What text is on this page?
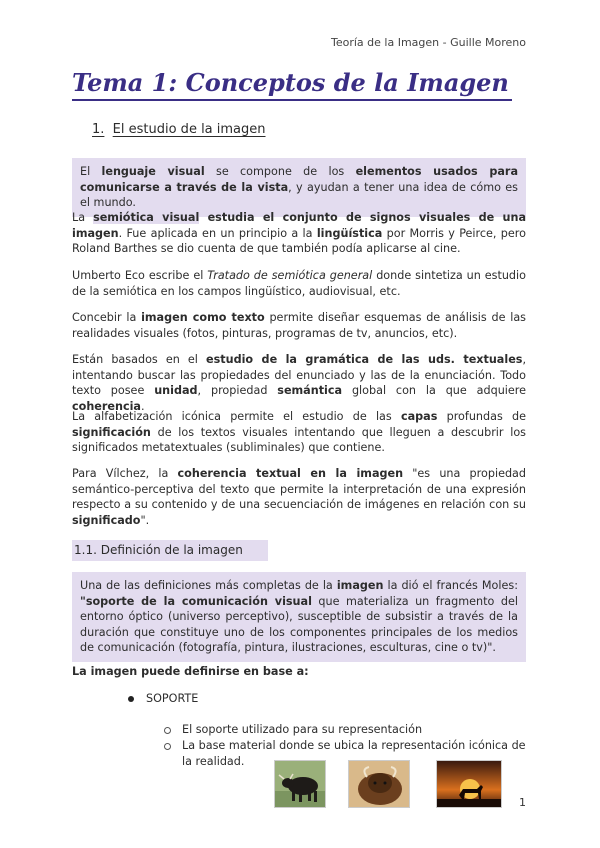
Teoría de la Imagen - Guille Moreno
Tema 1: Conceptos de la Imagen
1. El estudio de la imagen
El lenguaje visual se compone de los elementos usados para comunicarse a través de la vista, y ayudan a tener una idea de cómo es el mundo.

La semiótica visual estudia el conjunto de signos visuales de una imagen. Fue aplicada en un principio a la lingüística por Morris y Peirce, pero Roland Barthes se dio cuenta de que también podía aplicarse al cine.

Umberto Eco escribe el Tratado de semiótica general donde sintetiza un estudio de la semiótica en los campos lingüístico, audiovisual, etc.

Concebir la imagen como texto permite diseñar esquemas de análisis de las realidades visuales (fotos, pinturas, programas de tv, anuncios, etc).

Están basados en el estudio de la gramática de las uds. textuales, intentando buscar las propiedades del enunciado y las de la enunciación. Todo texto posee unidad, propiedad semántica global con la que adquiere coherencia.

La alfabetización icónica permite el estudio de las capas profundas de significación de los textos visuales intentando que lleguen a descubrir los significados metatextuales (subliminales) que contiene.

Para Vílchez, la coherencia textual en la imagen "es una propiedad semántico-perceptiva del texto que permite la interpretación de una expresión respecto a su contenido y de una secuenciación de imágenes en relación con su significado".

1.1. Definición de la imagen
Una de las definiciones más completas de la imagen la dió el francés Moles: "soporte de la comunicación visual que materializa un fragmento del entorno óptico (universo perceptivo), susceptible de subsistir a través de la duración que constituye uno de los componentes principales de los medios de comunicación (fotografía, pintura, ilustraciones, esculturas, cine o tv)".

La imagen puede definirse en base a:

SOPORTE
El soporte utilizado para su representación
La base material donde se ubica la representación icónica de la realidad.
1
